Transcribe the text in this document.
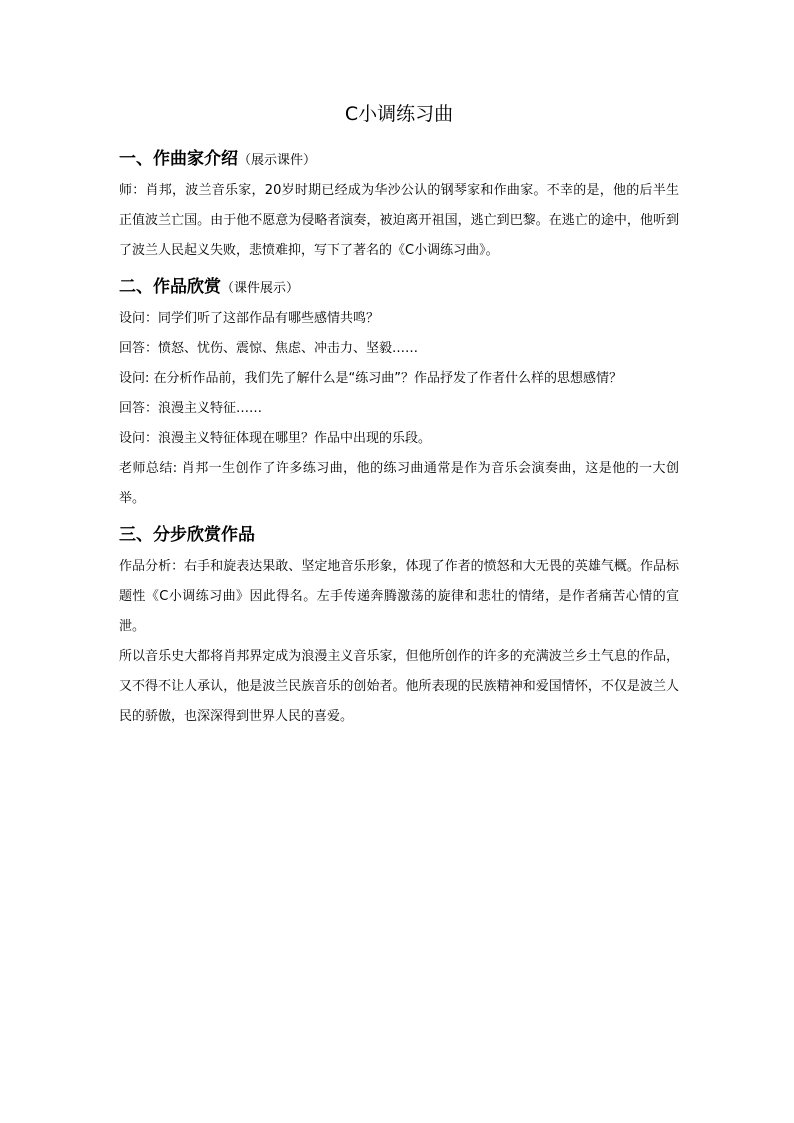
C小调练习曲
一、作曲家介绍（展示课件）

师：肖邦，波兰音乐家，20岁时期已经成为华沙公认的钢琴家和作曲家。不幸的是，他的后半生正值波兰亡国。由于他不愿意为侵略者演奏，被迫离开祖国，逃亡到巴黎。在逃亡的途中，他听到了波兰人民起义失败，悲愤难抑，写下了著名的《C小调练习曲》。

二、作品欣赏（课件展示）

设问：同学们听了这部作品有哪些感情共鸣？

回答：愤怒、忧伤、震惊、焦虑、冲击力、坚毅……

设问: 在分析作品前，我们先了解什么是“练习曲”？作品抒发了作者什么样的思想感情？

回答：浪漫主义特征……

设问：浪漫主义特征体现在哪里？作品中出现的乐段。

老师总结: 肖邦一生创作了许多练习曲，他的练习曲通常是作为音乐会演奏曲，这是他的一大创举。

三、分步欣赏作品

作品分析：右手和旋表达果敢、坚定地音乐形象，体现了作者的愤怒和大无畏的英雄气概。作品标题性《C小调练习曲》因此得名。左手传递奔腾激荡的旋律和悲壮的情绪，是作者痛苦心情的宣泄。

所以音乐史大都将肖邦界定成为浪漫主义音乐家，但他所创作的许多的充满波兰乡土气息的作品，又不得不让人承认，他是波兰民族音乐的创始者。他所表现的民族精神和爱国情怀，不仅是波兰人民的骄傲，也深深得到世界人民的喜爱。
